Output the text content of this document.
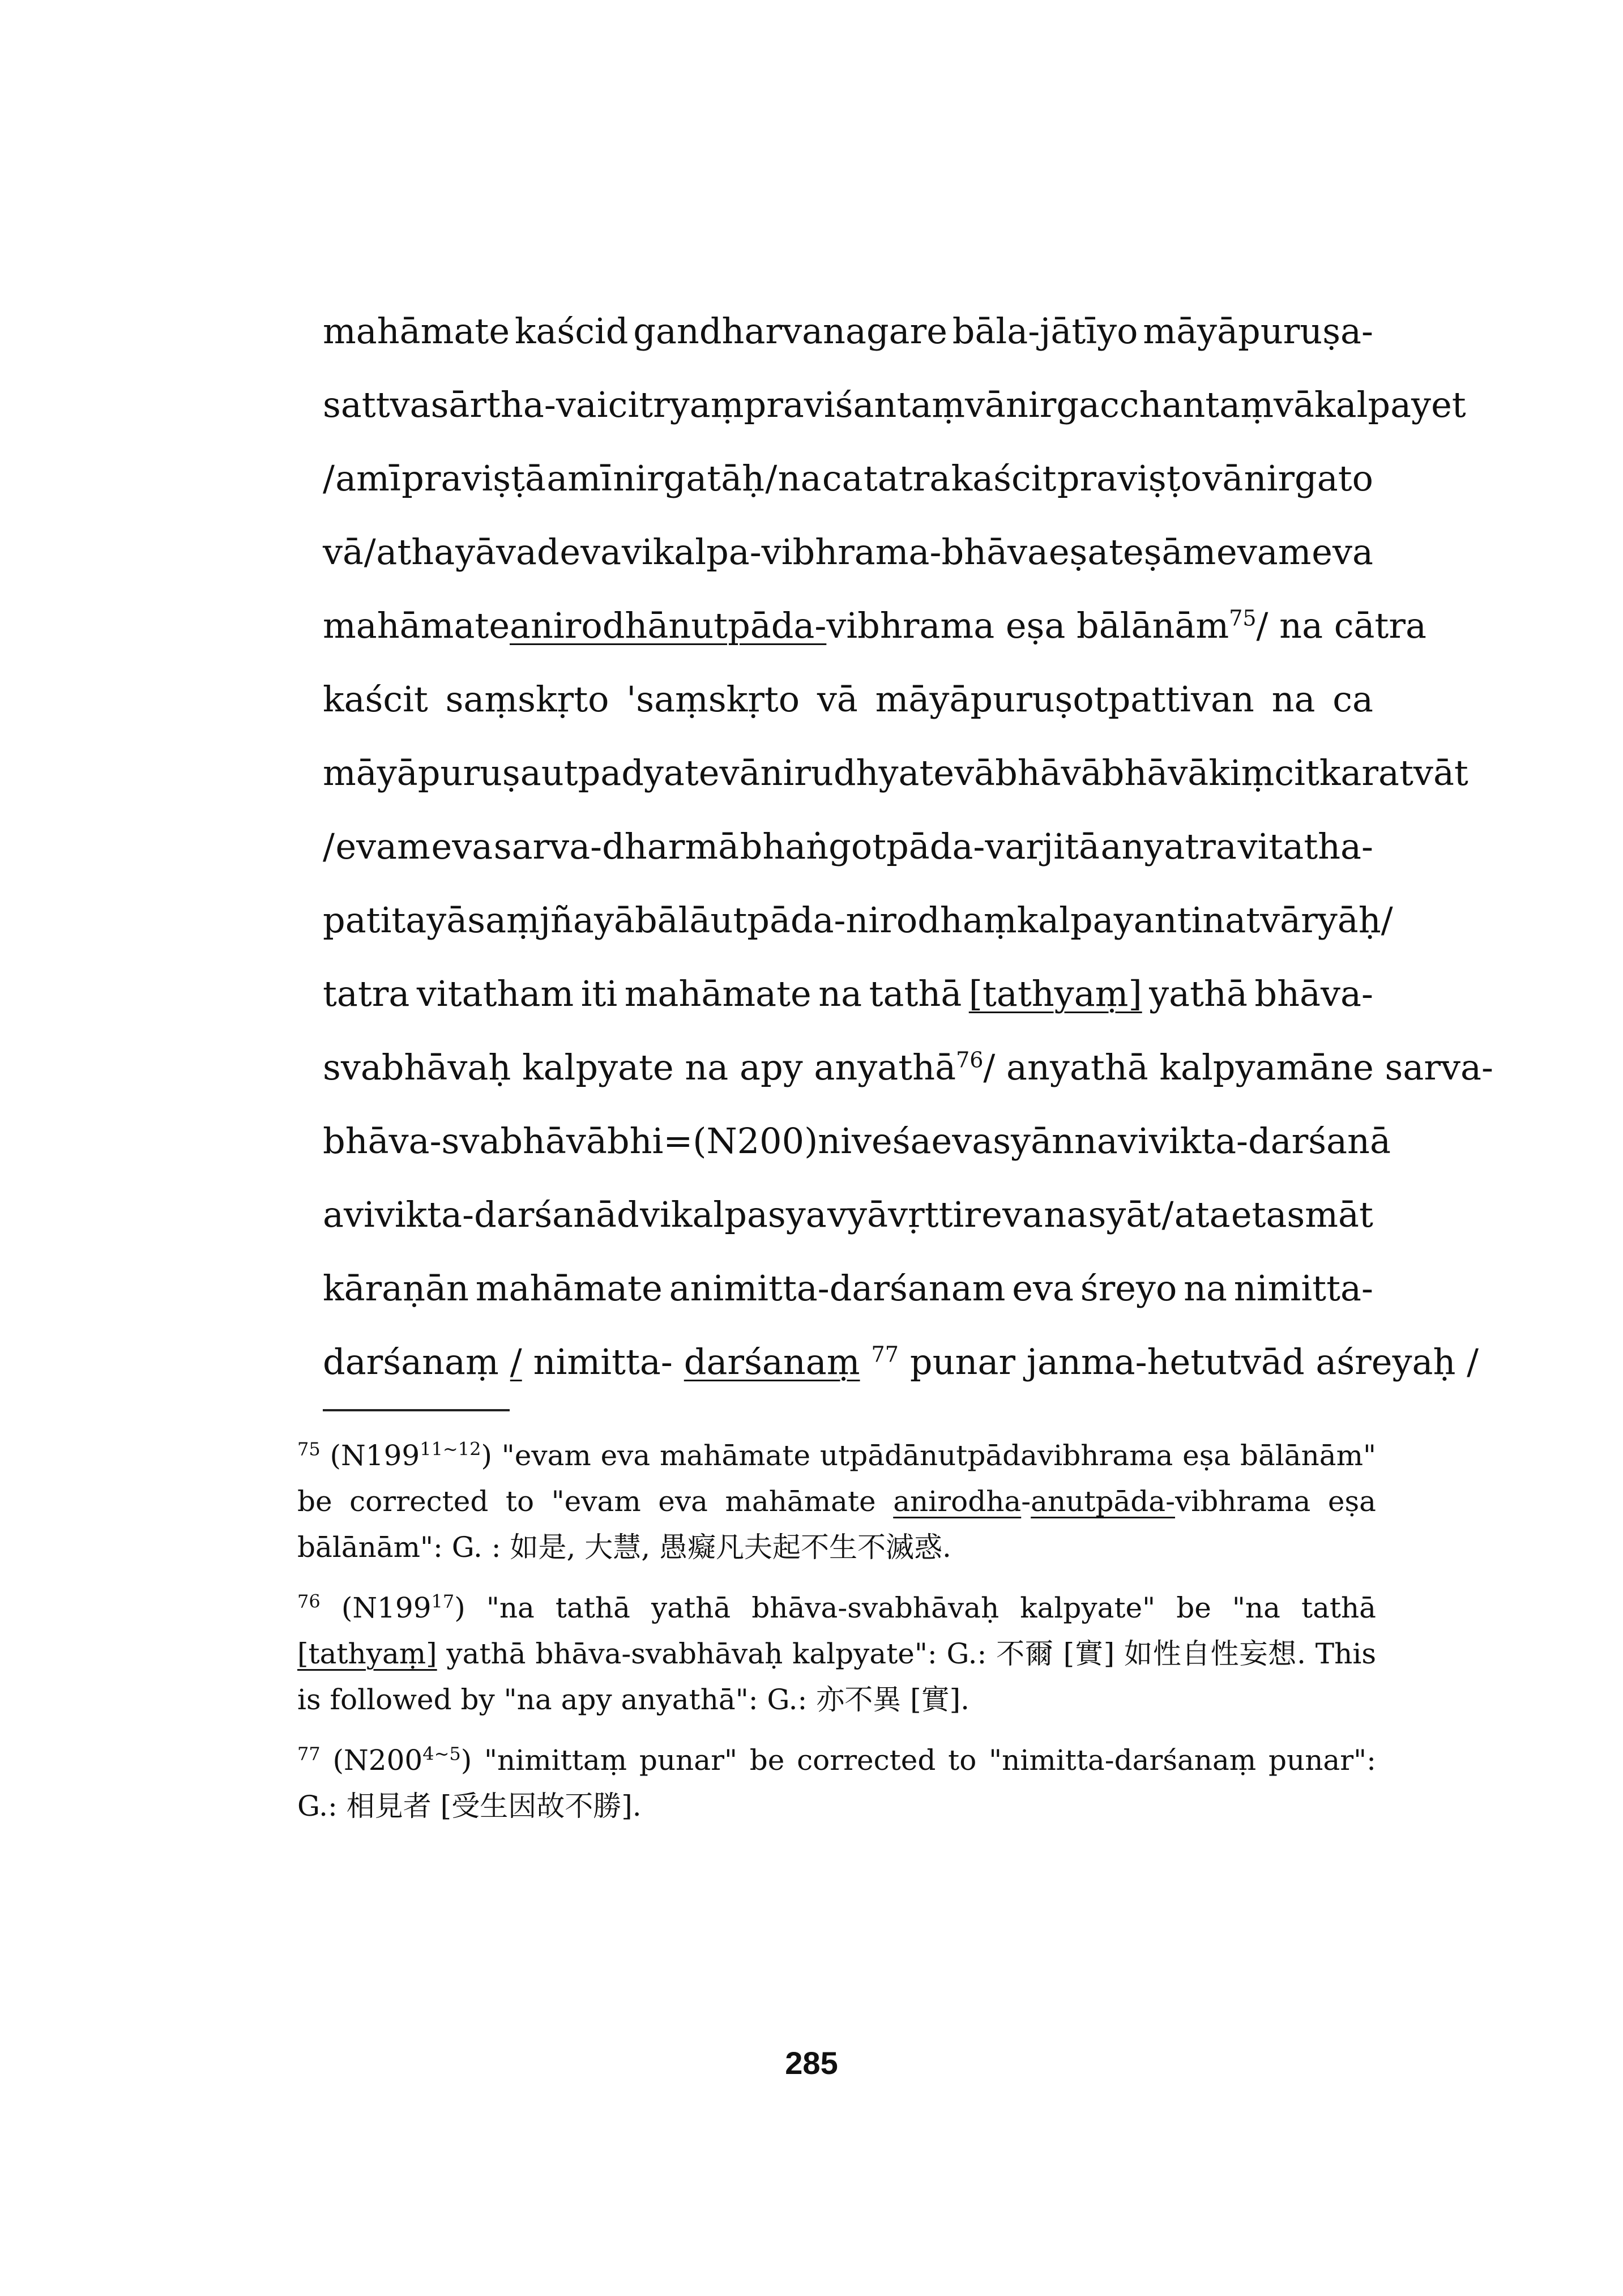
mahāmate kaścid gandharvanagare bāla-jātīyo māyāpuruṣa-
sattvasārtha-vaicitryaṃ praviśantaṃ vā nirgacchantaṃ vā kalpayet
/ amī praviṣṭā amī nirgatāḥ / na ca tatra kaścit praviṣṭo vā nirgato
vā / atha yāvad eva vikalpa-vibhrama-bhāva eṣa teṣām evam eva
mahāmate anirodhānutpāda-vibhrama eṣa bālānām$^{75}$ / na cātra
kaścit saṃskṛto 'saṃskṛto vā māyāpuruṣotpattivan na ca
māyāpuruṣa utpadyate vā nirudhyate vā bhāvābhāvākiṃcitkaratvāt
/ evam eva sarva-dharmā bhaṅgotpāda-varjitā anyatra vitatha-
patitayā saṃjñayā bālā utpāda-nirodhaṃ kalpayanti na tv āryāḥ /
tatra vitatham iti mahāmate na tathā [tathyaṃ] yathā bhāva-
svabhāvaḥ kalpyate na apy anyathā$^{76}$ / anyathā kalpyamāne sarva-
bhāva-svabhāvābhi=(N200)niveśa eva syān na vivikta-darśanā
avivikta-darśanād vikalpasya vyāvṛttir eva na syāt / ata etasmāt
kāraṇān mahāmate animitta-darśanam eva śreyo na nimitta-
darśanaṃ / nimitta- darśanaṃ $^{77}$ punar janma-hetutvād aśreyaḥ /
$^{75}$ $(N199^{11\sim 12})$ "evam eva mahāmate utpādānutpādavibhrama eṣa bālānām" be corrected to "evam eva mahāmate anirodha-anutpāda-vibhrama eṣa bālānām": G. : 如是, 大慧, 愚癡凡夫起不生不滅惑.
$^{76}$ $(N199^{17})$ "na tathā yathā bhāva-svabhāvaḥ kalpyate" be "na tathā [tathyaṃ] yathā bhāva-svabhāvaḥ kalpyate": G.: 不爾 [實] 如性自性妄想. This is followed by "na apy anyathā": G.: 亦不異 [實].
$^{77}$ $(N200^{4\sim 5})$ "nimittaṃ punar" be corrected to "nimitta-darśanaṃ punar": G.: 相見者 [受生因故不勝].
285
